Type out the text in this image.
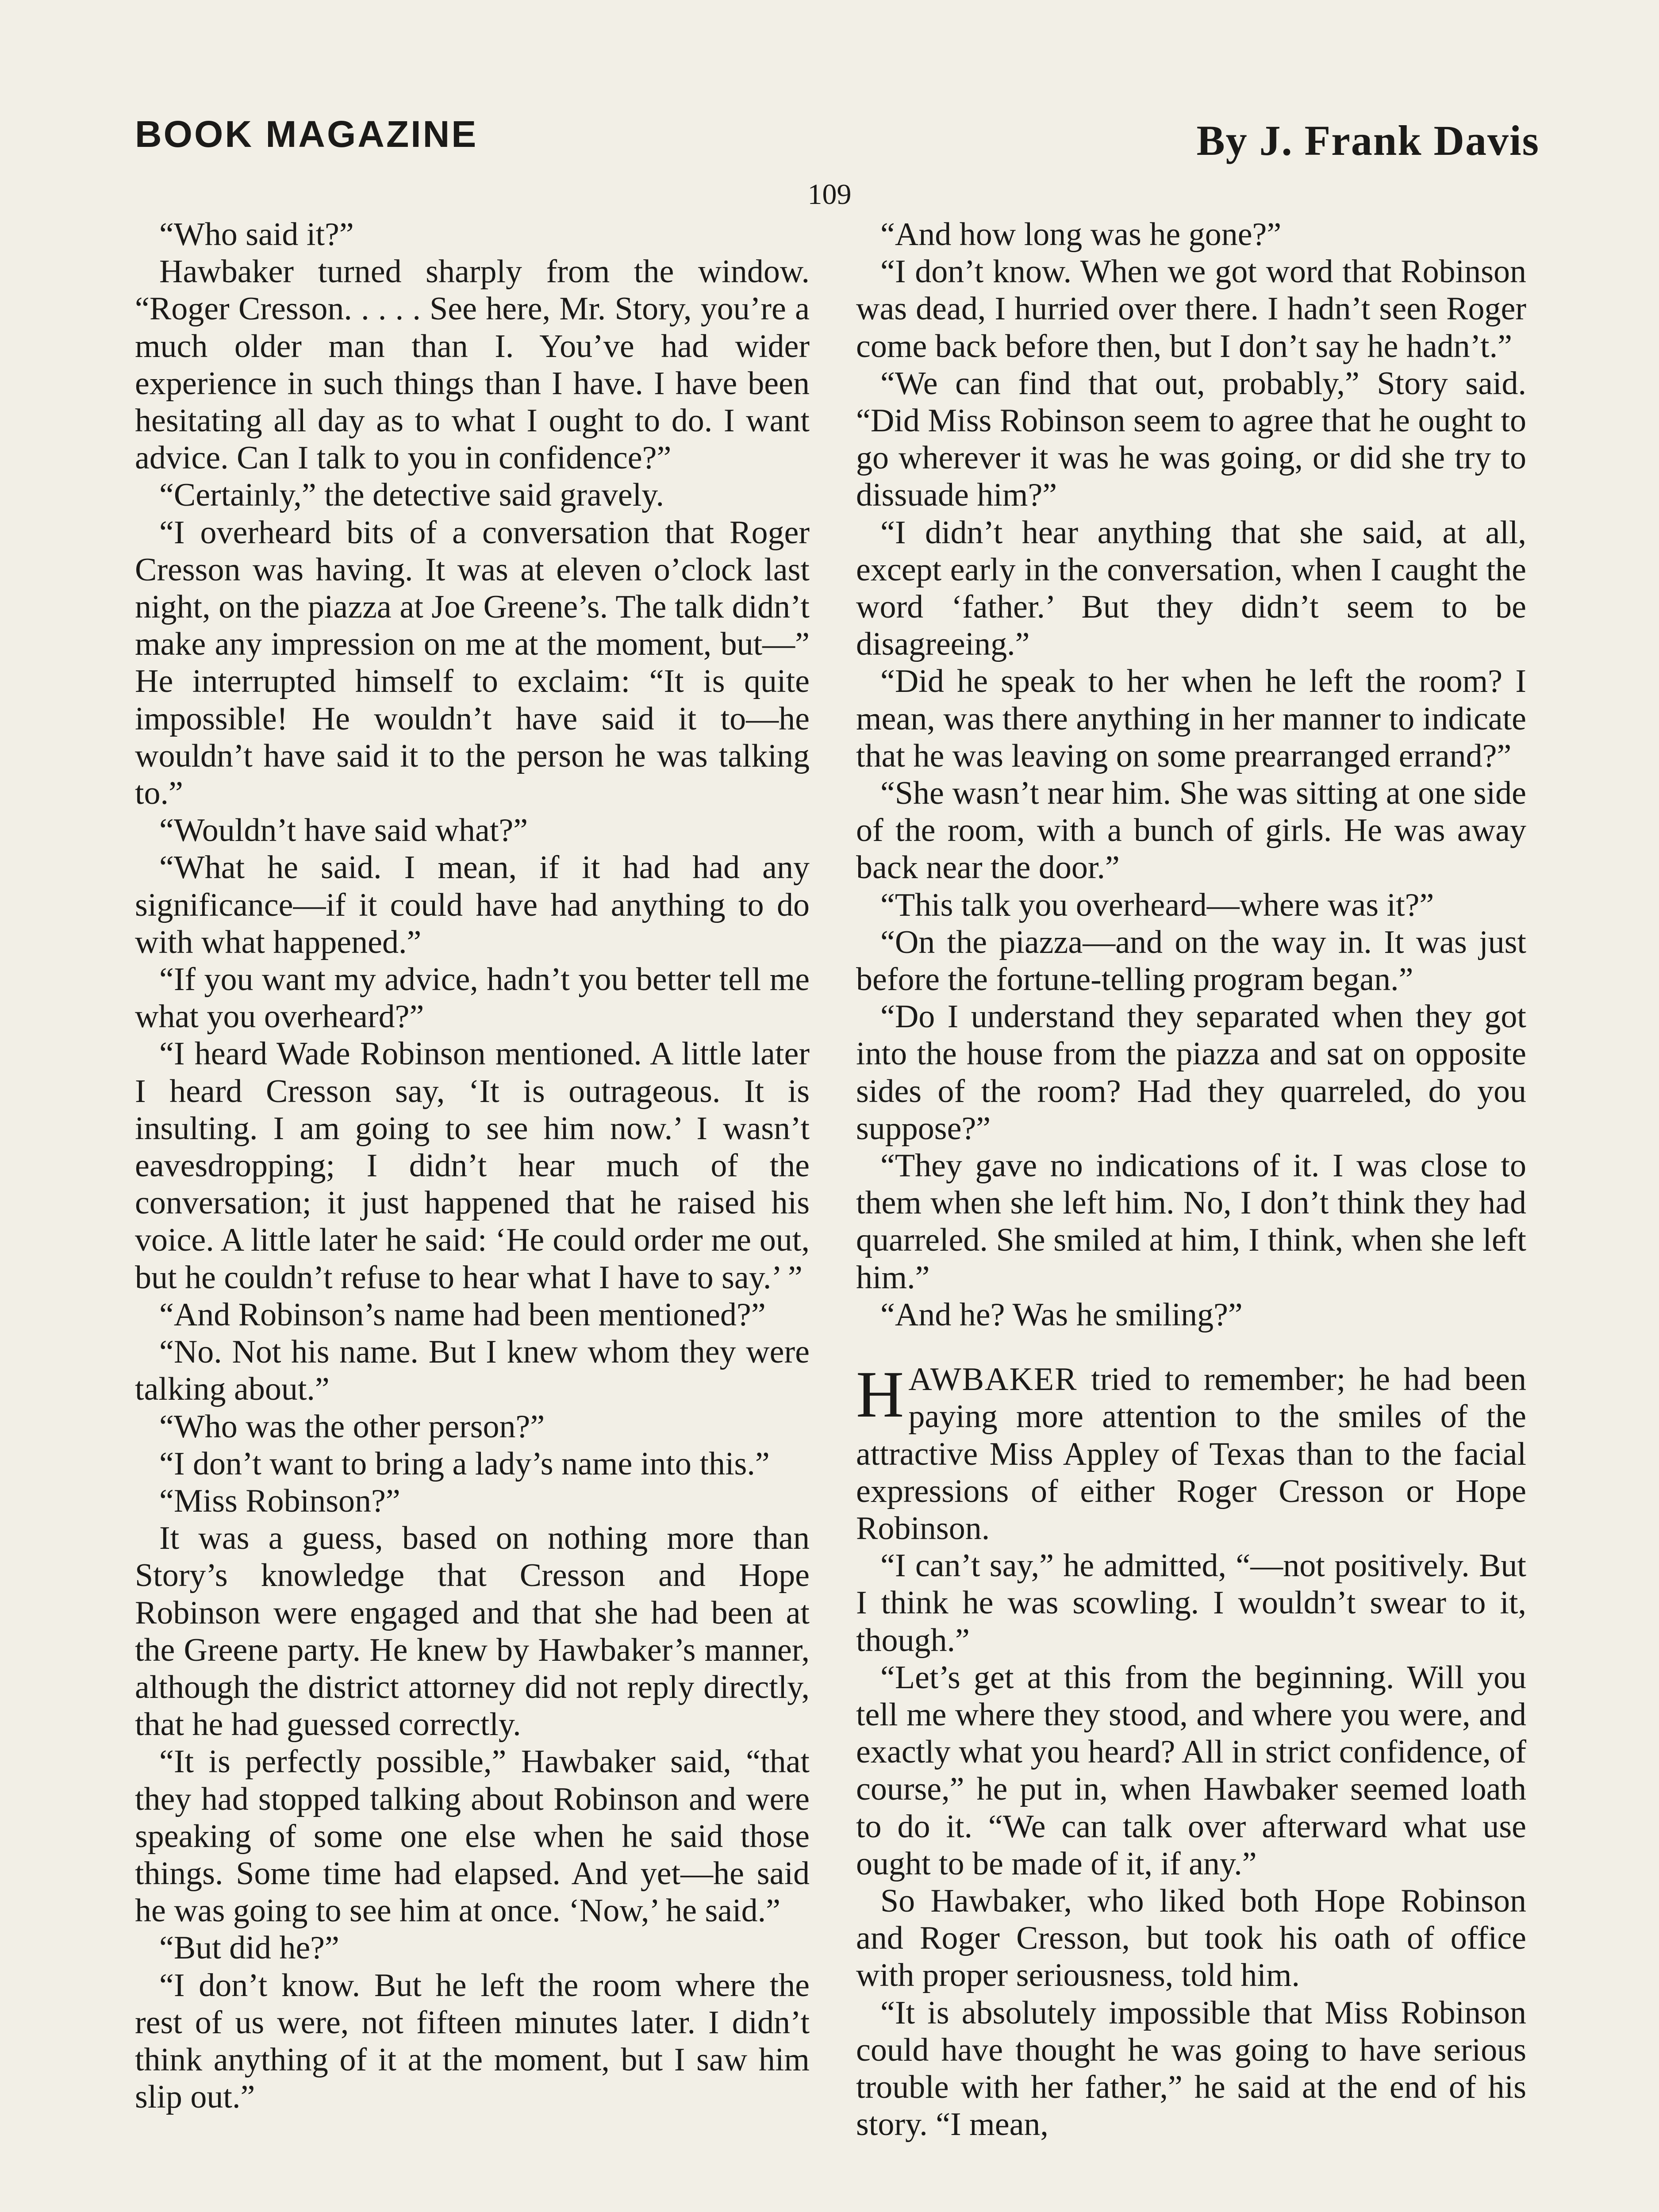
BOOK MAGAZINE	By J. Frank Davis
109

“Who said it?”

Hawbaker turned sharply from the window. “Roger Cresson. . . . . See here, Mr. Story, you’re a much older man than I. You’ve had wider experience in such things than I have. I have been hesitating all day as to what I ought to do. I want advice. Can I talk to you in confidence?”

“Certainly,” the detective said gravely.

“I overheard bits of a conversation that Roger Cresson was having. It was at eleven o’clock last night, on the piazza at Joe Greene’s. The talk didn’t make any impression on me at the moment, but—” He interrupted himself to exclaim: “It is quite impossible! He wouldn’t have said it to—he wouldn’t have said it to the person he was talking to.”

“Wouldn’t have said what?”

“What he said. I mean, if it had had any significance—if it could have had anything to do with what happened.”

“If you want my advice, hadn’t you better tell me what you overheard?”

“I heard Wade Robinson mentioned. A little later I heard Cresson say, ‘It is outrageous. It is insulting. I am going to see him now.’ I wasn’t eavesdropping; I didn’t hear much of the conversation; it just happened that he raised his voice. A little later he said: ‘He could order me out, but he couldn’t refuse to hear what I have to say.’ ”

“And Robinson’s name had been mentioned?”

“No. Not his name. But I knew whom they were talking about.”

“Who was the other person?”

“I don’t want to bring a lady’s name into this.”

“Miss Robinson?”

It was a guess, based on nothing more than Story’s knowledge that Cresson and Hope Robinson were engaged and that she had been at the Greene party. He knew by Hawbaker’s manner, although the district attorney did not reply directly, that he had guessed correctly.

“It is perfectly possible,” Hawbaker said, “that they had stopped talking about Robinson and were speaking of some one else when he said those things. Some time had elapsed. And yet—he said he was going to see him at once. ‘Now,’ he said.”

“But did he?”

“I don’t know. But he left the room where the rest of us were, not fifteen minutes later. I didn’t think anything of it at the moment, but I saw him slip out.”

“And how long was he gone?”

“I don’t know. When we got word that Robinson was dead, I hurried over there. I hadn’t seen Roger come back before then, but I don’t say he hadn’t.”

“We can find that out, probably,” Story said. “Did Miss Robinson seem to agree that he ought to go wherever it was he was going, or did she try to dissuade him?”

“I didn’t hear anything that she said, at all, except early in the conversation, when I caught the word ‘father.’ But they didn’t seem to be disagreeing.”

“Did he speak to her when he left the room? I mean, was there anything in her manner to indicate that he was leaving on some prearranged errand?”

“She wasn’t near him. She was sitting at one side of the room, with a bunch of girls. He was away back near the door.”

“This talk you overheard—where was it?”

“On the piazza—and on the way in. It was just before the fortune-telling program began.”

“Do I understand they separated when they got into the house from the piazza and sat on opposite sides of the room? Had they quarreled, do you suppose?”

“They gave no indications of it. I was close to them when she left him. No, I don’t think they had quarreled. She smiled at him, I think, when she left him.”

“And he? Was he smiling?”

HAWBAKER tried to remember; he had been paying more attention to the smiles of the attractive Miss Appley of Texas than to the facial expressions of either Roger Cresson or Hope Robinson.

“I can’t say,” he admitted, “—not positively. But I think he was scowling. I wouldn’t swear to it, though.”

“Let’s get at this from the beginning. Will you tell me where they stood, and where you were, and exactly what you heard? All in strict confidence, of course,” he put in, when Hawbaker seemed loath to do it. “We can talk over afterward what use ought to be made of it, if any.”

So Hawbaker, who liked both Hope Robinson and Roger Cresson, but took his oath of office with proper seriousness, told him.

“It is absolutely impossible that Miss Robinson could have thought he was going to have serious trouble with her father,” he said at the end of his story. “I mean,
